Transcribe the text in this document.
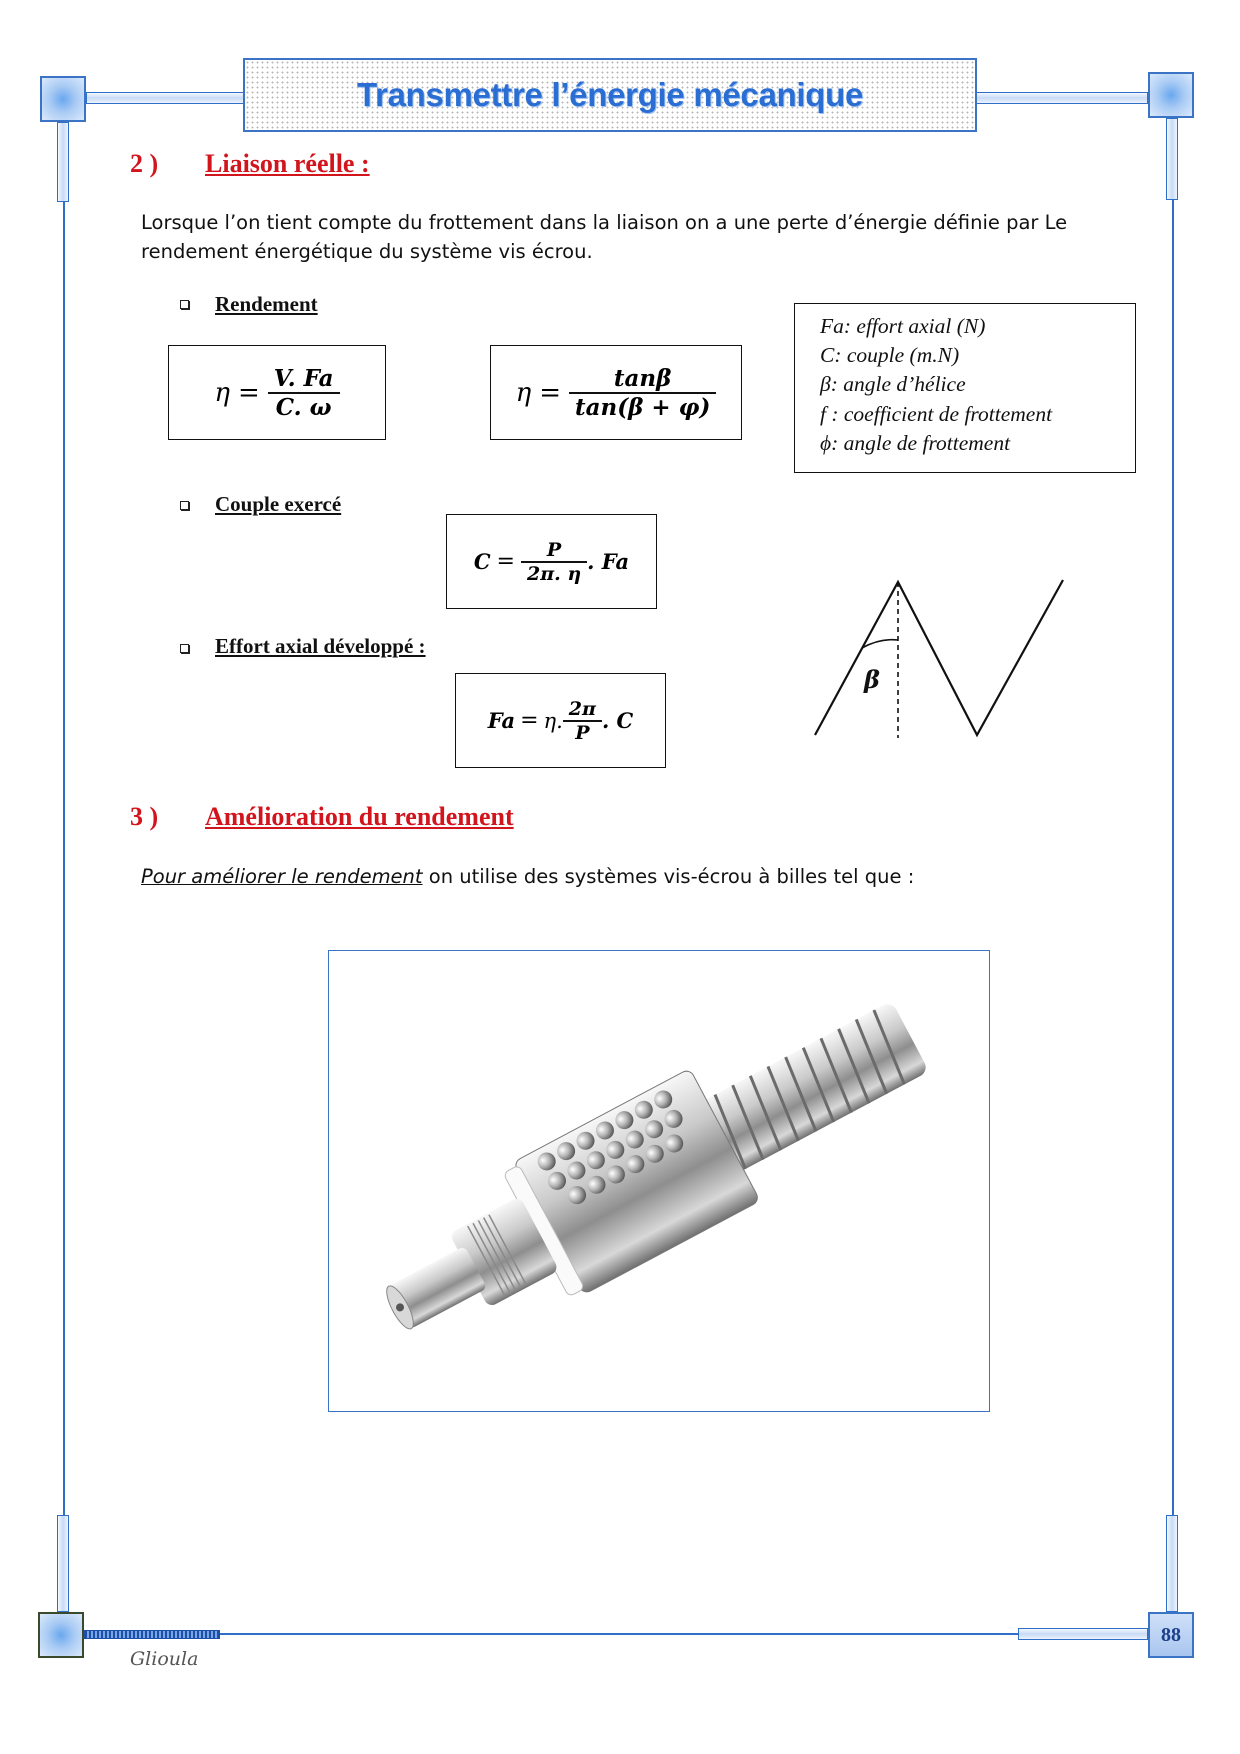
88
Transmettre l’énergie mécanique
2 ) Liaison réelle :
Lorsque l’on tient compte du frottement dans la liaison on a une perte d’énergie définie par Le
rendement énergétique du système vis écrou.
Rendement
$\eta = \frac{V. Fa}{C. \omega}$	$\eta = \frac{\tan\beta}{\tan(\beta + \varphi)}$
Fa: effort axial (N)
C: couple (m.N)
β: angle d’hélice
f : coefficient de frottement
ϕ: angle de frottement
Couple exercé
$C = \frac{P}{2\pi. \eta}$ . Fa
Effort axial développé :
Fa = η. $\frac{2\pi}{P}$ . C
β
3 ) Amélioration du rendement
Pour améliorer le rendement on utilise des systèmes vis-écrou à billes tel que :
Glioula
